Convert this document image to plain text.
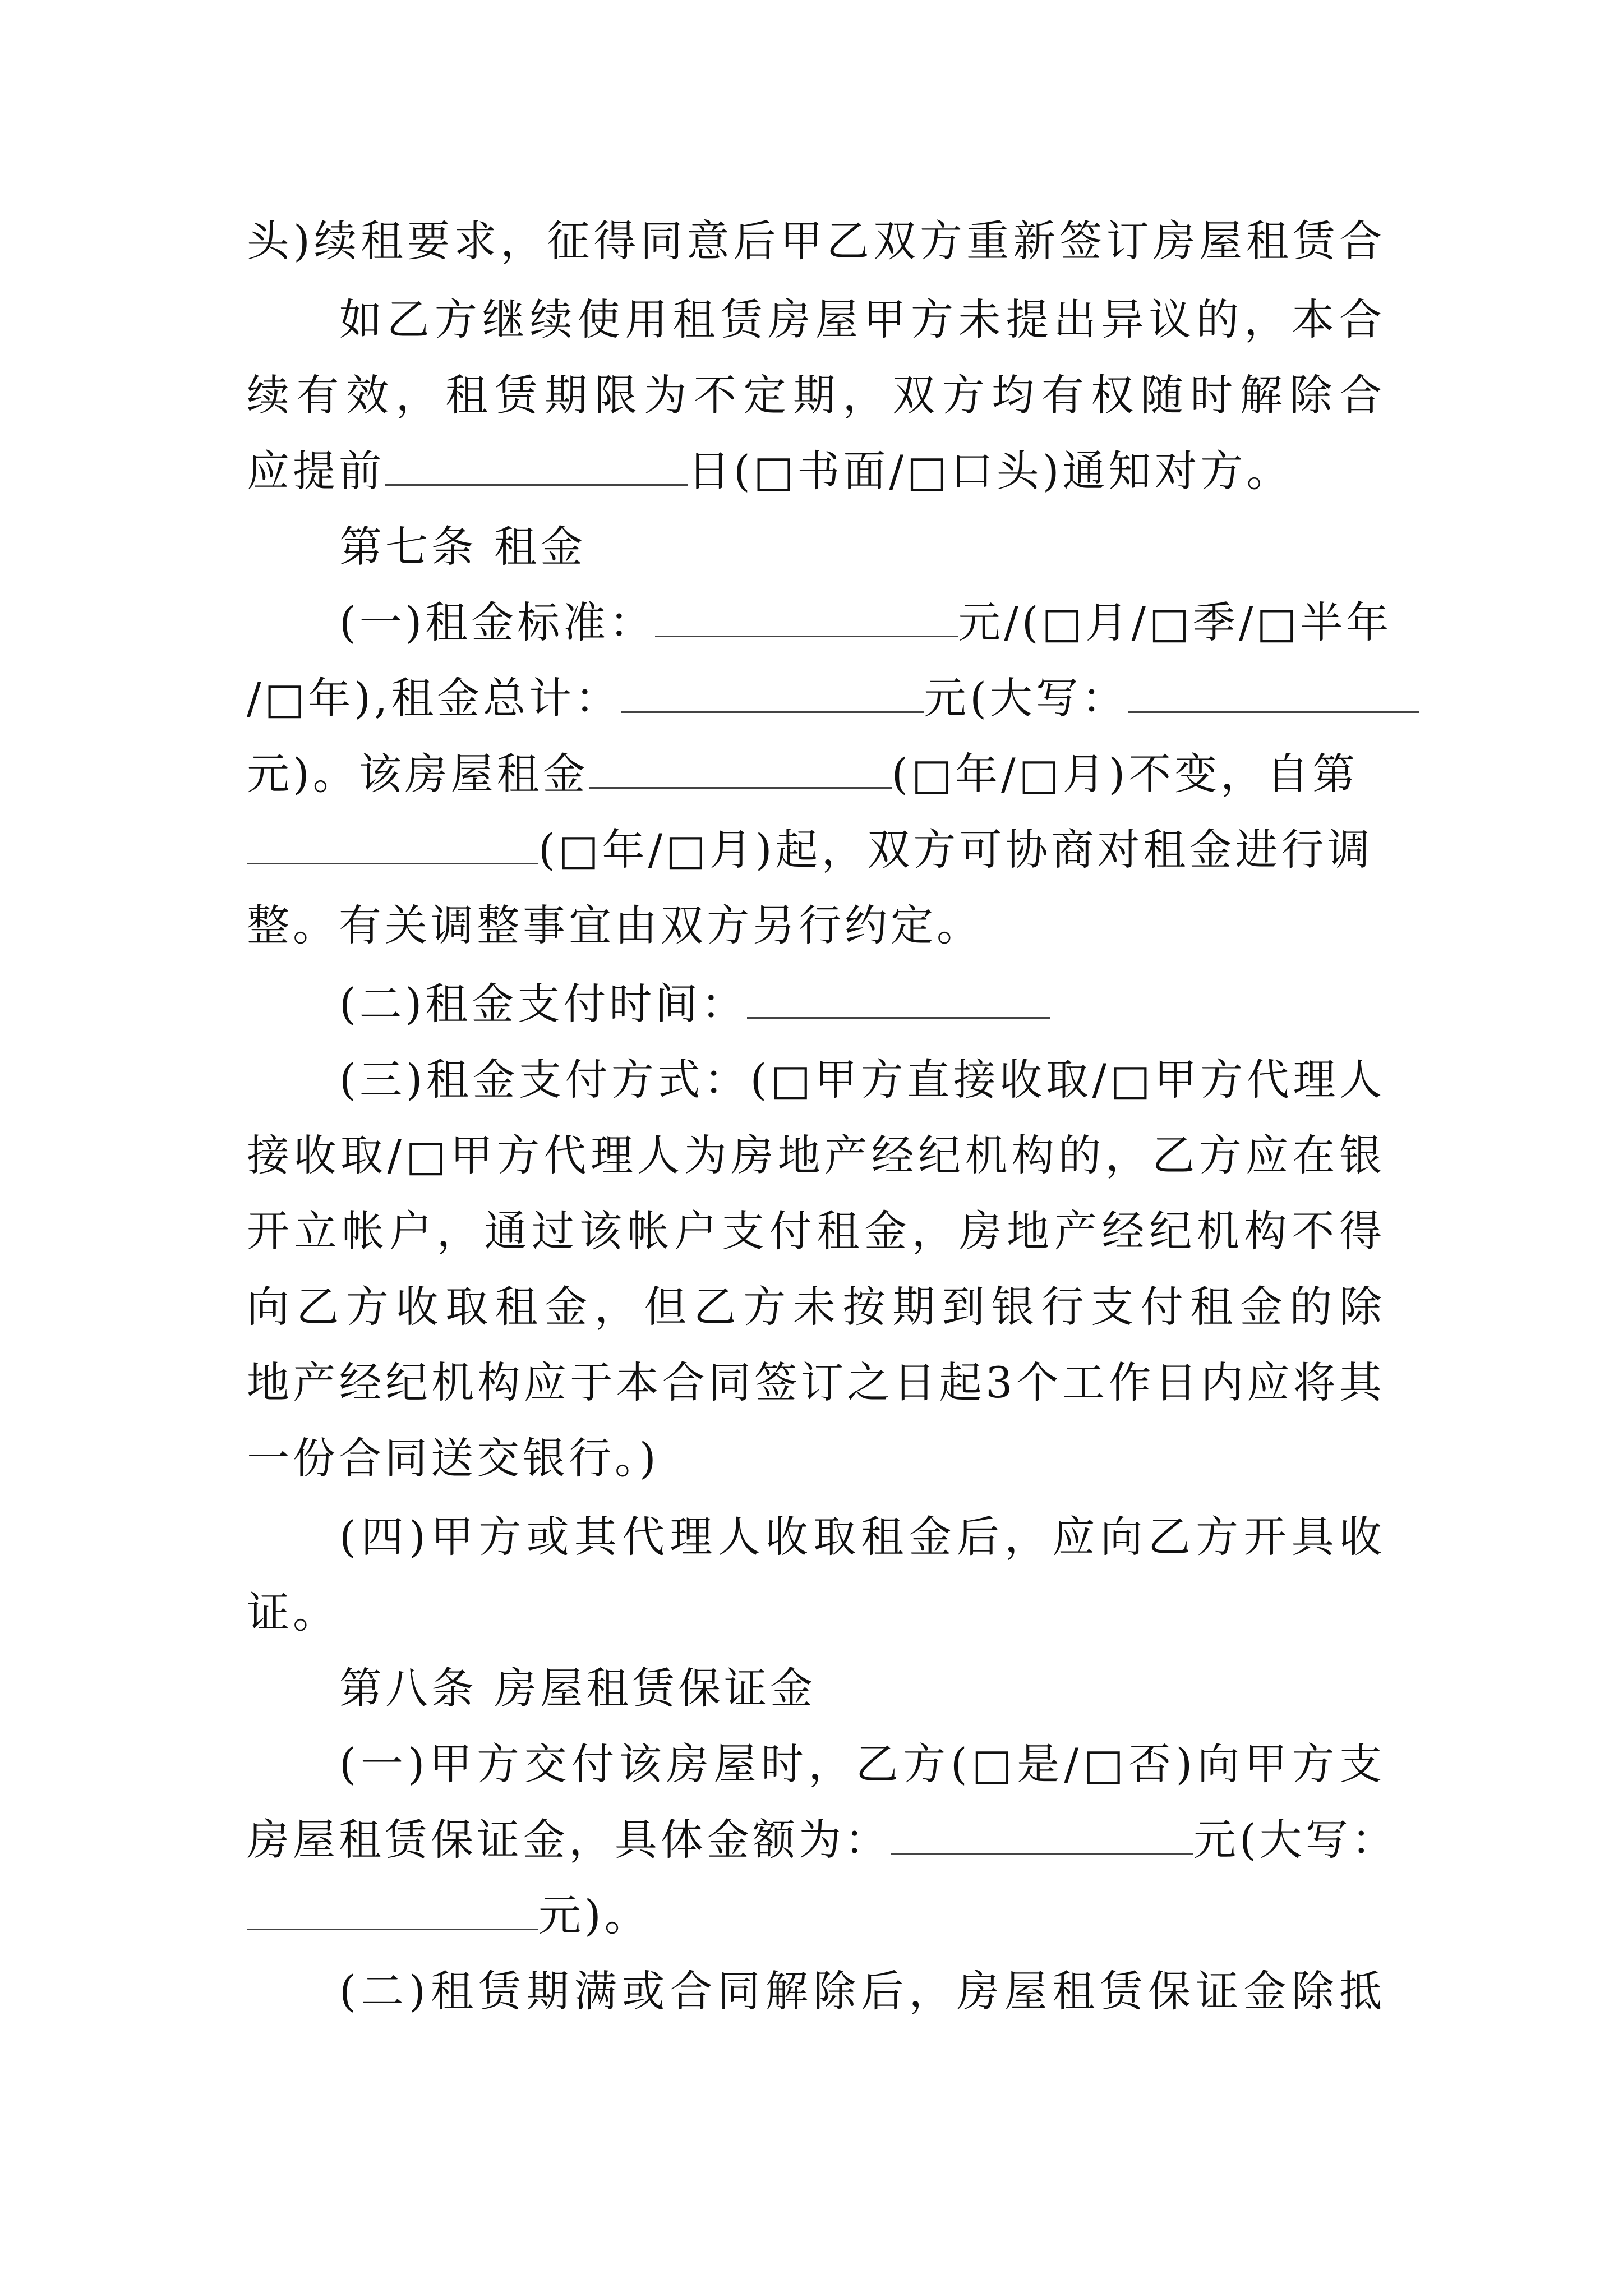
头)续租要求，征得同意后甲乙双方重新签订房屋租赁合
如乙方继续使用租赁房屋甲方未提出异议的，本合
续有效，租赁期限为不定期，双方均有权随时解除合
应提前	日(□书面/□口头)通知对方。
第七条 租金
(一)租金标准：	元/(□月/□季/□半年
/□年),租金总计：	元(大写：
元)。该房屋租金	(□年/□月)不变，自第
(□年/□月)起，双方可协商对租金进行调
整。有关调整事宜由双方另行约定。
(二)租金支付时间：
(三)租金支付方式：(□甲方直接收取/□甲方代理人
接收取/□甲方代理人为房地产经纪机构的，乙方应在银
开立帐户，通过该帐户支付租金，房地产经纪机构不得
向乙方收取租金，但乙方未按期到银行支付租金的除
地产经纪机构应于本合同签订之日起3个工作日内应将其
一份合同送交银行。)
(四)甲方或其代理人收取租金后，应向乙方开具收
证。
第八条 房屋租赁保证金
(一)甲方交付该房屋时，乙方(□是/□否)向甲方支
房屋租赁保证金，具体金额为：	元(大写：
元)。
(二)租赁期满或合同解除后，房屋租赁保证金除抵
